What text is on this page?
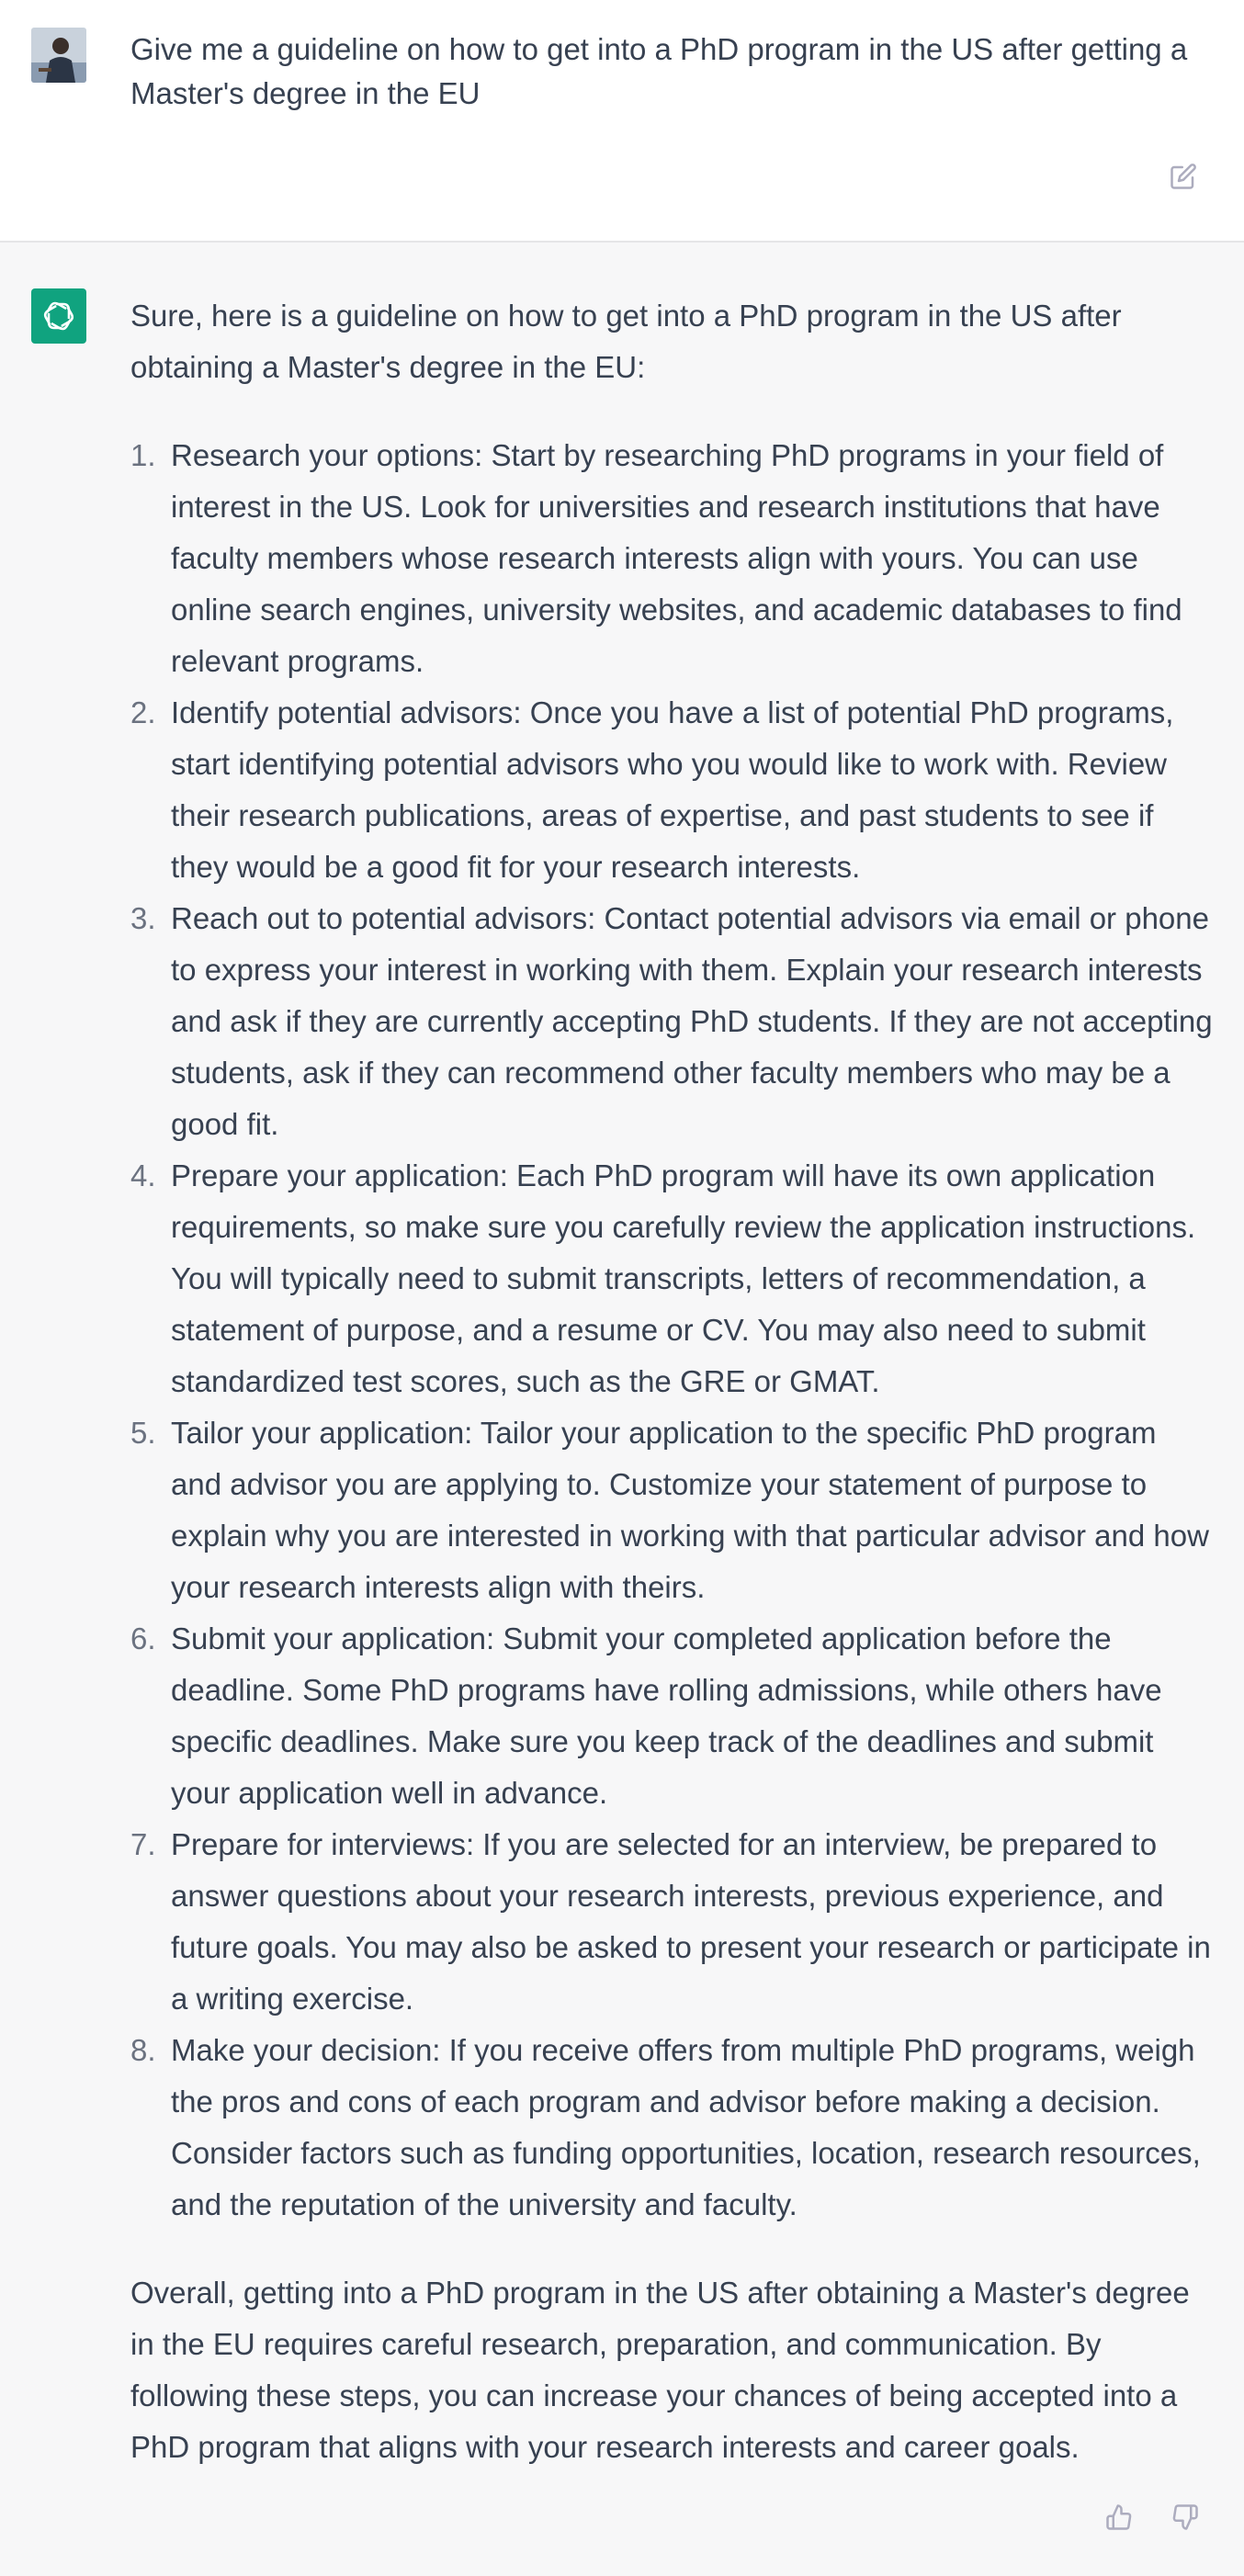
Give me a guideline on how to get into a PhD program in the US after getting a Master's degree in the EU

Sure, here is a guideline on how to get into a PhD program in the US after obtaining a Master's degree in the EU:

1. Research your options: Start by researching PhD programs in your field of interest in the US. Look for universities and research institutions that have faculty members whose research interests align with yours. You can use online search engines, university websites, and academic databases to find relevant programs.
2. Identify potential advisors: Once you have a list of potential PhD programs, start identifying potential advisors who you would like to work with. Review their research publications, areas of expertise, and past students to see if they would be a good fit for your research interests.
3. Reach out to potential advisors: Contact potential advisors via email or phone to express your interest in working with them. Explain your research interests and ask if they are currently accepting PhD students. If they are not accepting students, ask if they can recommend other faculty members who may be a good fit.
4. Prepare your application: Each PhD program will have its own application requirements, so make sure you carefully review the application instructions. You will typically need to submit transcripts, letters of recommendation, a statement of purpose, and a resume or CV. You may also need to submit standardized test scores, such as the GRE or GMAT.
5. Tailor your application: Tailor your application to the specific PhD program and advisor you are applying to. Customize your statement of purpose to explain why you are interested in working with that particular advisor and how your research interests align with theirs.
6. Submit your application: Submit your completed application before the deadline. Some PhD programs have rolling admissions, while others have specific deadlines. Make sure you keep track of the deadlines and submit your application well in advance.
7. Prepare for interviews: If you are selected for an interview, be prepared to answer questions about your research interests, previous experience, and future goals. You may also be asked to present your research or participate in a writing exercise.
8. Make your decision: If you receive offers from multiple PhD programs, weigh the pros and cons of each program and advisor before making a decision. Consider factors such as funding opportunities, location, research resources, and the reputation of the university and faculty.

Overall, getting into a PhD program in the US after obtaining a Master's degree in the EU requires careful research, preparation, and communication. By following these steps, you can increase your chances of being accepted into a PhD program that aligns with your research interests and career goals.
